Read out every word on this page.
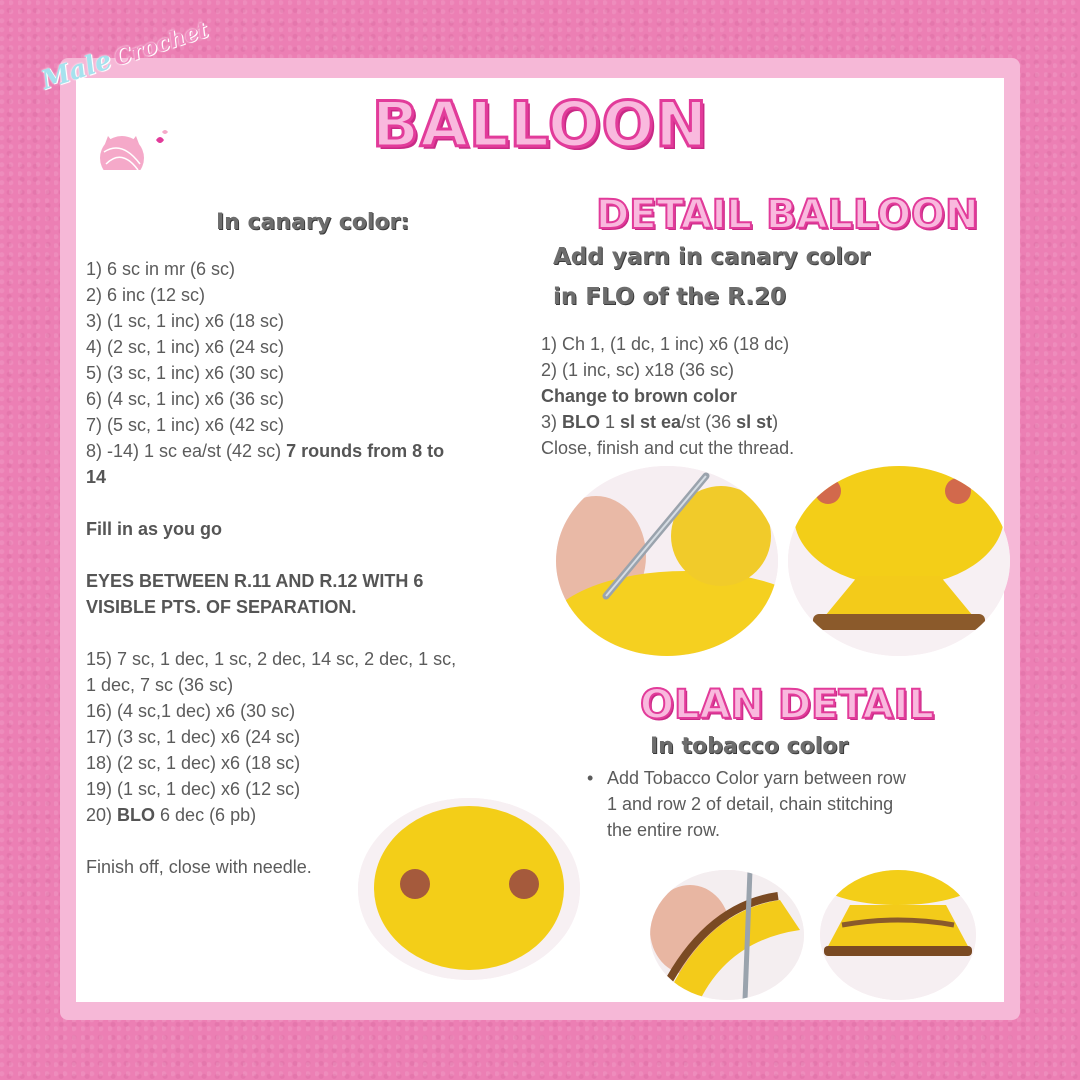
MaleCrochet
BALLOON
In canary color:
1) 6 sc in mr (6 sc)
2) 6 inc (12 sc)
3) (1 sc, 1 inc) x6 (18 sc)
4) (2 sc, 1 inc) x6 (24 sc)
5) (3 sc, 1 inc) x6 (30 sc)
6) (4 sc, 1 inc) x6 (36 sc)
7) (5 sc, 1 inc) x6 (42 sc)
8) -14) 1 sc ea/st (42 sc) 7 rounds from 8 to
14
Fill in as you go
EYES BETWEEN R.11 AND R.12 WITH 6
VISIBLE PTS. OF SEPARATION.
15) 7 sc, 1 dec, 1 sc, 2 dec, 14 sc, 2 dec, 1 sc,
1 dec, 7 sc (36 sc)
16) (4 sc,1 dec) x6 (30 sc)
17) (3 sc, 1 dec) x6 (24 sc)
18) (2 sc, 1 dec) x6 (18 sc)
19) (1 sc, 1 dec) x6 (12 sc)
20) BLO 6 dec (6 pb)
Finish off, close with needle.
DETAIL BALLOON
Add yarn in canary color
in FLO of the R.20
1) Ch 1, (1 dc, 1 inc) x6 (18 dc)
2) (1 inc, sc) x18 (36 sc)
Change to brown color
3) BLO 1 sl st ea/st (36 sl st)
Close, finish and cut the thread.
OLAN DETAIL
In tobacco color
• Add Tobacco Color yarn between row
1 and row 2 of detail, chain stitching
the entire row.
